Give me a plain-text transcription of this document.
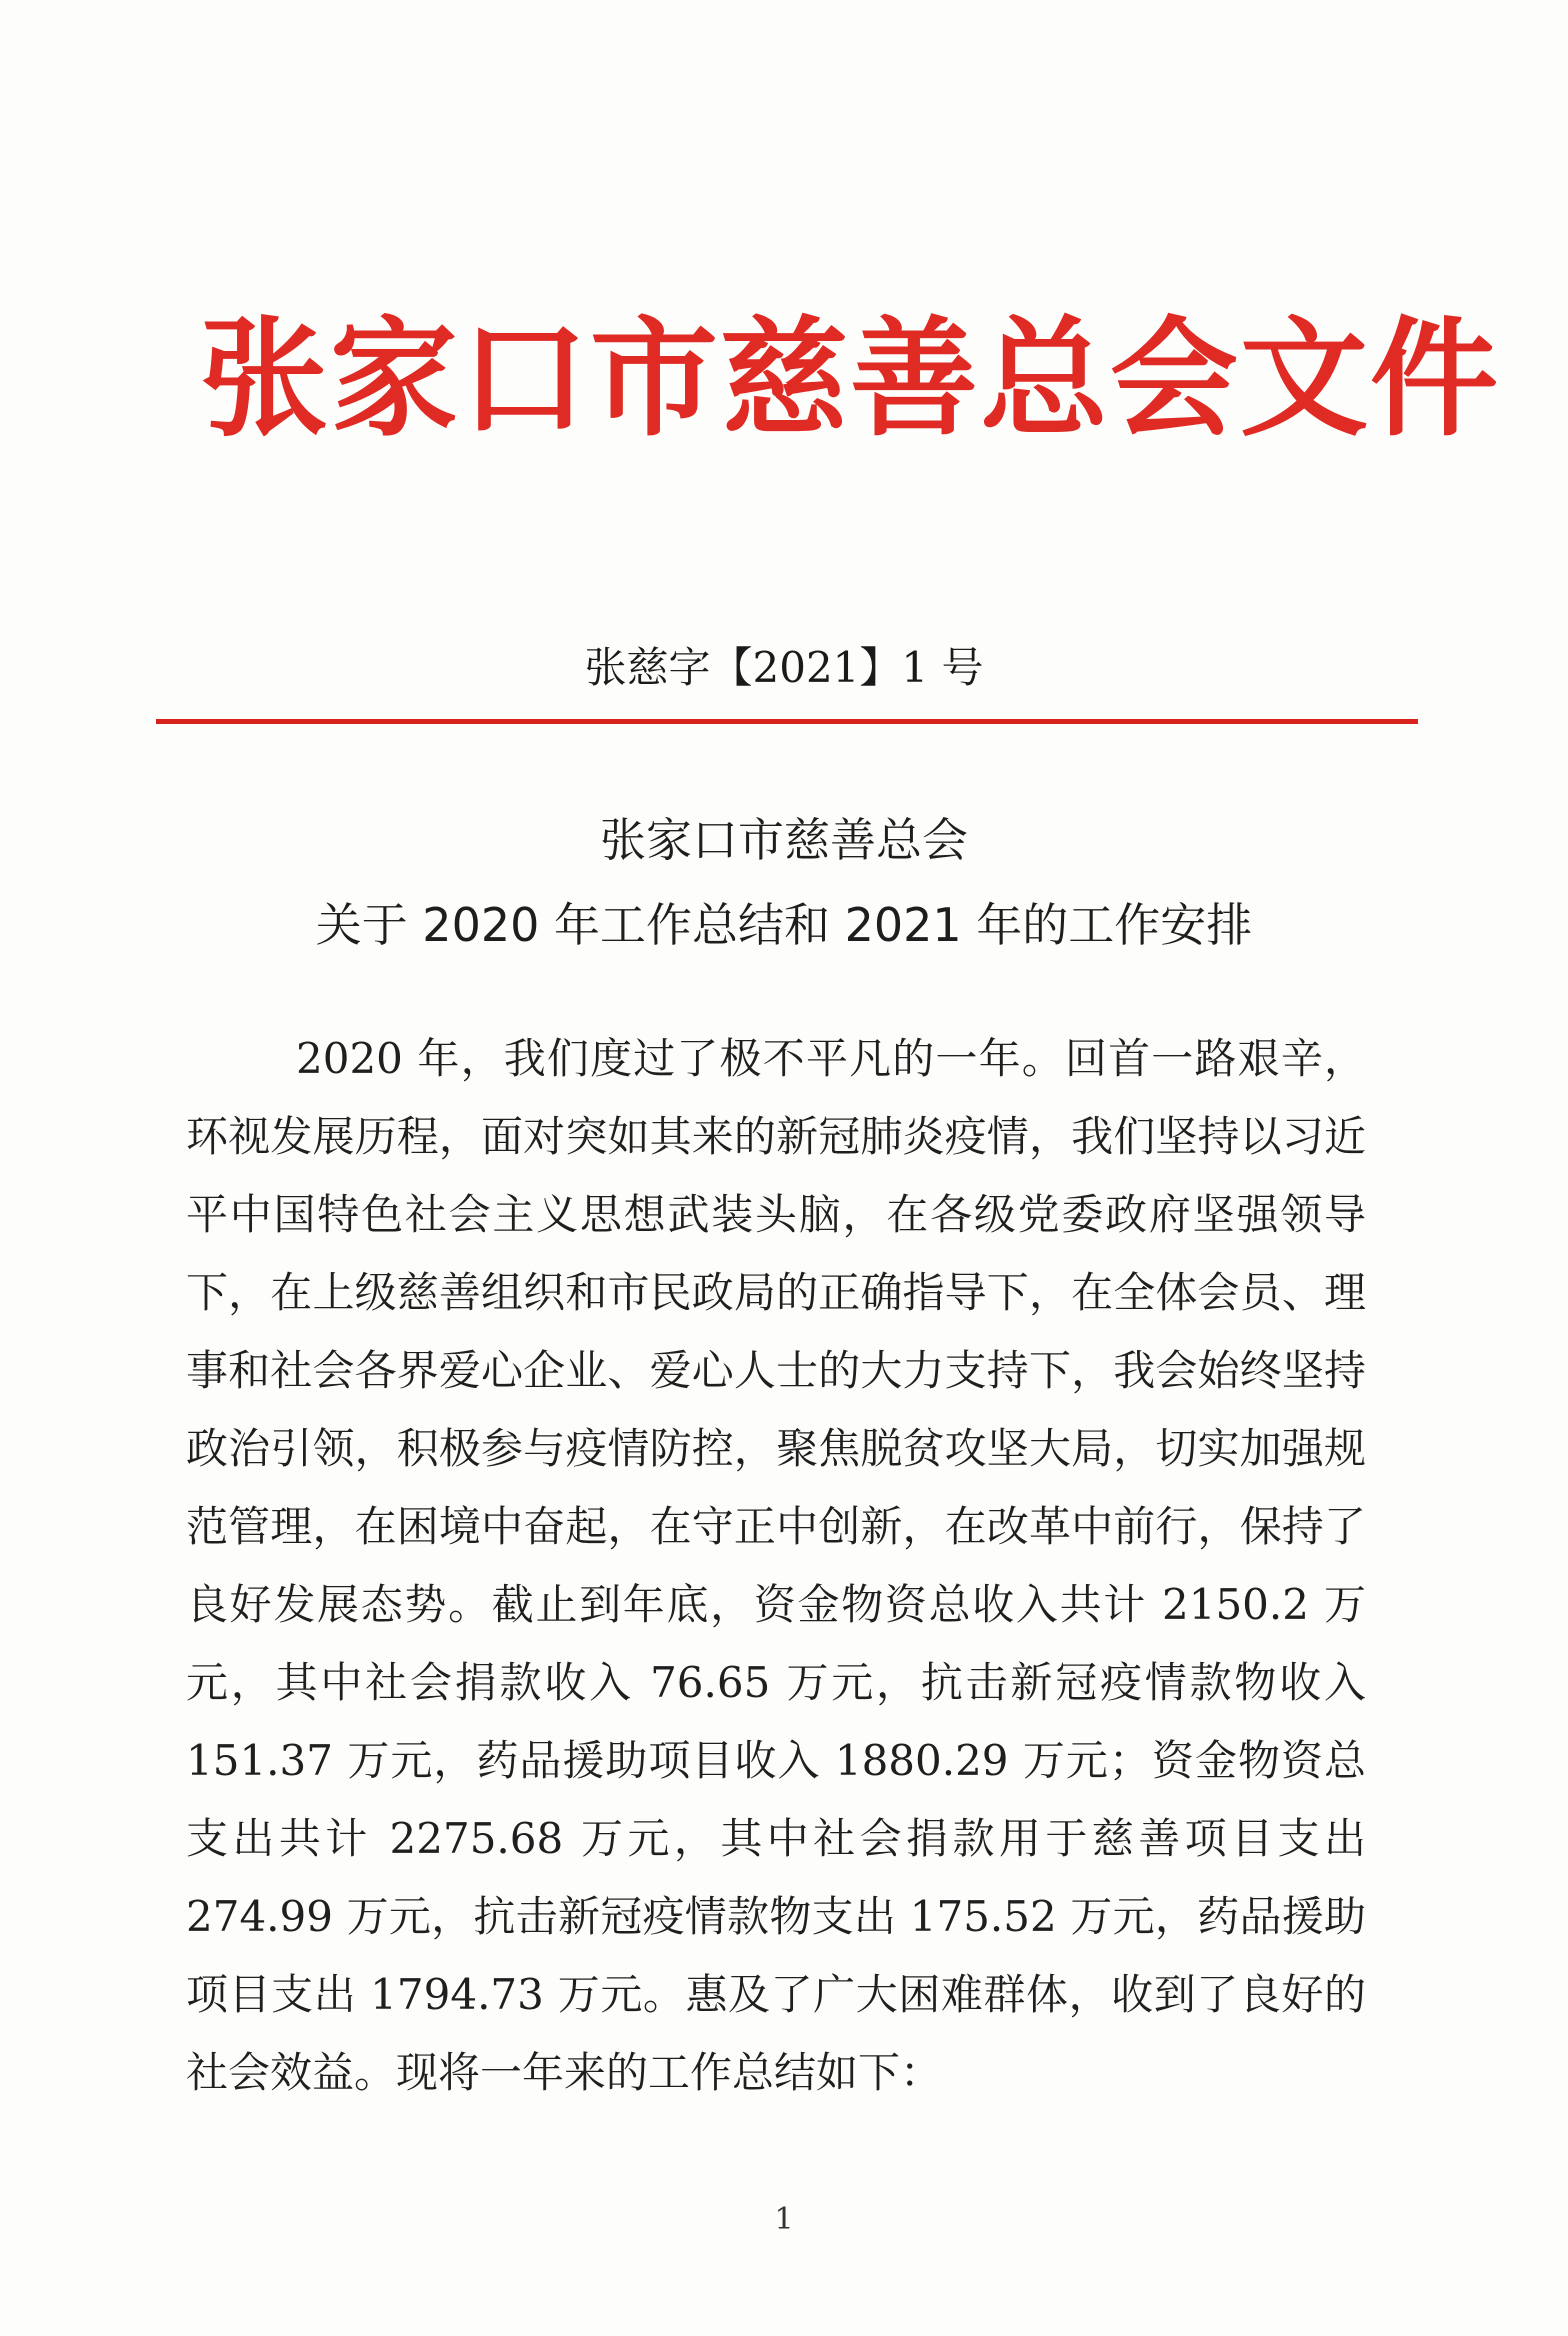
张家口市慈善总会文件
张慈字【2021】1 号
张家口市慈善总会
关于 2020 年工作总结和 2021 年的工作安排

2020 年，我们度过了极不平凡的一年。回首一路艰辛，环视发展历程，面对突如其来的新冠肺炎疫情，我们坚持以习近平中国特色社会主义思想武装头脑，在各级党委政府坚强领导下，在上级慈善组织和市民政局的正确指导下，在全体会员、理事和社会各界爱心企业、爱心人士的大力支持下，我会始终坚持政治引领，积极参与疫情防控，聚焦脱贫攻坚大局，切实加强规范管理，在困境中奋起，在守正中创新，在改革中前行，保持了良好发展态势。截止到年底，资金物资总收入共计 2150.2 万元，其中社会捐款收入 76.65 万元，抗击新冠疫情款物收入 151.37 万元，药品援助项目收入 1880.29 万元；资金物资总支出共计 2275.68 万元，其中社会捐款用于慈善项目支出 274.99 万元，抗击新冠疫情款物支出 175.52 万元，药品援助项目支出 1794.73 万元。惠及了广大困难群体，收到了良好的社会效益。现将一年来的工作总结如下：

1
